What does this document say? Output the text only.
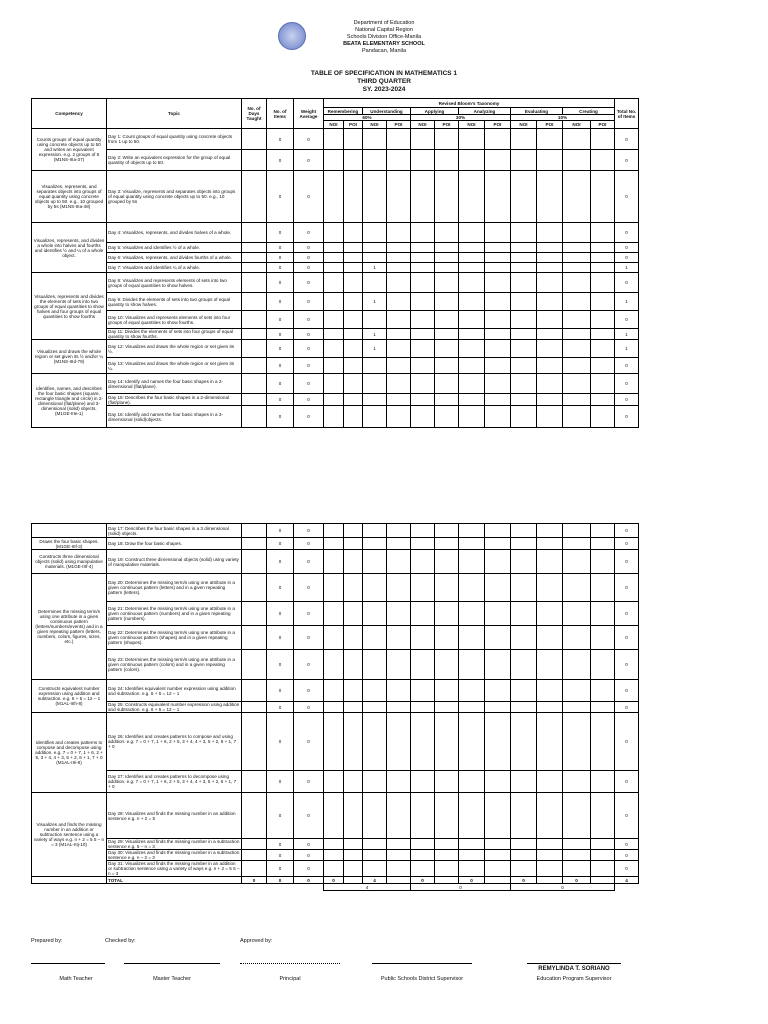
Department of Education
National Capital Region
Schools Division Office-Manila
BEATA ELEMENTARY SCHOOL
Pandacan, Manila
TABLE OF SPECIFICATION IN MATHEMATICS 1
THIRD QUARTER
SY. 2023-2024
Competency	Topic	No. of Days Taught	No. of Items	Weight Average	Revised Bloom's Taxonomy												Total No. of Items
					Remembering		Understanding		Applying		Analyzing		Evaluating		Creating		
					60%				30%				10%				
					NOI	POI	NOI	POI	NOI	POI	NOI	POI	NOI	POI	NOI	POI	
Counts groups of equal quantity using concrete objects up to 50 and writes an equivalent expression. e.g. 2 groups of 5 (M1NS-IIIa-37)	Day 1: Count groups of equal quantity using concrete objects from 1 up to 50.		0	0													0
	Day 2: Write an equivalent expression for the group of equal quantity of objects up to 50.		0	0													0
Visualizes, represents, and separates objects into groups of equal quantity using concrete objects up to 50. e.g., 10 grouped by 5s (M1NS-IIIa-48)	Day 3: Visualize, represents and separates objects into groups of equal quantity using concrete objects up to 50. e.g., 10 grouped by 5s		0	0													0
Visualizes, represents, and divides a whole into halves and fourths and identifies ½ and ¼ of a whole object.	Day 4: Visualizes, represents, and divides halves of a whole.		0	0													0
	Day 5: Visualizes and identifies ½ of a whole.		0	0													0
	Day 6: Visualizes, represents, and divides fourths of a whole.		0	0													0
	Day 7: Visualizes and identifies ¼ of a whole.		0	0			1										1
Visualizes, represents and divides the elements of sets into two groups of equal quantities to show halves and four groups of equal quantities to show fourths	Day 8: Visualizes and represents elements of sets into two groups of equal quantities to show halves.		0	0													0
	Day 9: Divides the elements of sets into two groups of equal quantity to show halves.		0	0			1										1
	Day 10: Visualizes and represents elements of sets into four groups of equal quantities to show fourths.		0	0													0
	Day 11: Divides the elements of sets into four groups of equal quantity to show fourths.		0	0			1										1
Visualizes and draws the whole region or set given its ½ and/or ¼ (M1NS-IIId-79)	Day 12: Visualizes and draws the whole region or set given its ½.		0	0			1										1
	Day 13: Visualizes and draws the whole region or set given its ¼.		0	0													0
identifies, names, and describes the four basic shapes (square, rectangle triangle and circle) in 2-dimensional (flat/plane) and 3-dimensional (solid) objects. (M1GE-IIIe-1)	Day 14: Identify and names the four basic shapes in a 2-dimensional (flat/plane).		0	0													0
	Day 15: Describes the four basic shapes in a 2-dimensional (flat/plane).		0	0													0
	Day 16: Identify and names the four basic shapes in a 3-dimensional (solid)objects.		0	0													0
	Day 17: Describes the four basic shapes in a 3 dimensional (solid) objects.		0	0													0
Draws the four basic shapes. (M1GE-IIIf-3)	Day 18: Draw the four basic shapes.		0	0													0
Constructs three dimensional objects (solid) using manipulative materials. (M1GE-IIIf-4)	Day 19: Construct three dimensional objects (solid) using variety of manipulative materials.		0	0													0
Determines the missing term/s using one attribute in a given continuous pattern (letters/numbers/events) and in a given repeating pattern (letters, numbers, colors, figures, sizes, etc.)	Day 20: Determines the missing term/s using one attribute in a given continuous pattern (letters) and in a given repeating pattern (letters).		0	0													0
	Day 21: Determines the missing term/s using one attribute in a given continuous pattern (numbers) and in a given repeating pattern (numbers).		0	0													0
	Day 22: Determines the missing term/s using one attribute in a given continuous pattern (shapes) and in a given repeating pattern (shapes).		0	0													0
	Day 23: Determines the missing term/s using one attribute in a given continuous pattern (colors) and in a given repeating pattern (colors).		0	0													0
Constructs equivalent number expression using addition and subtraction. e.g. 6 + 5 = 12 – 1 (M1AL-IIIh-8)	Day 24: Identifies equivalent number expression using addition and subtraction. e.g. 6 + 5 = 12 – 1		0	0													0
	Day 25: Constructs equivalent number expression using addition and subtraction. e.g. 6 + 5 = 12 – 1		0	0													0
Identifies and creates patterns to compose and decompose using addition. e.g. 7 = 0 + 7, 1 + 6, 2 + 5, 3 + 4, 4 + 3, 5 + 2, 6 + 1, 7 + 0 (M1AL-IIIi-9)	Day 26: Identifies and creates patterns to compose and using addition. e.g. 7 = 0 + 7, 1 + 6, 2 + 5, 3 + 4, 4 + 3, 5 + 2, 6 + 1, 7 + 0		0	0													0
	Day 27: Identifies and creates patterns to decompose using addition. e.g. 7 = 0 + 7, 1 + 6, 2 + 5, 3 + 4, 4 + 3, 5 + 2, 6 + 1, 7 + 0		0	0													0
Visualizes and finds the missing number in an addition or subtraction sentence using a variety of ways e.g. n + 2 = 5 5 – n = 3 (M1AL-IIIj-10)	Day 28: Visualizes and finds the missing number in an addition sentence e.g. n + 2 = 5		0	0													0
	Day 29: Visualizes and finds the missing number in a subtraction sentence e.g. 5 – n = 3		0	0													0
	Day 30: Visualizes and finds the missing number in a subtraction sentence e.g. n – 2 = 3		0	0													0
	Day 31: Visualizes and finds the missing number in an addition or subtraction sentence using a variety of ways e.g. n + 2 = 5 5 – n = 3		0	0													0
	TOTAL	0	0	0	0		4		0		0		0		0		4
					4				0				0				
Prepared by:	Checked by:	Approved by:
Math Teacher	Master Teacher	Principal	Public Schools District Supervisor
REMYLINDA T. SORIANO
Education Program Supervisor
